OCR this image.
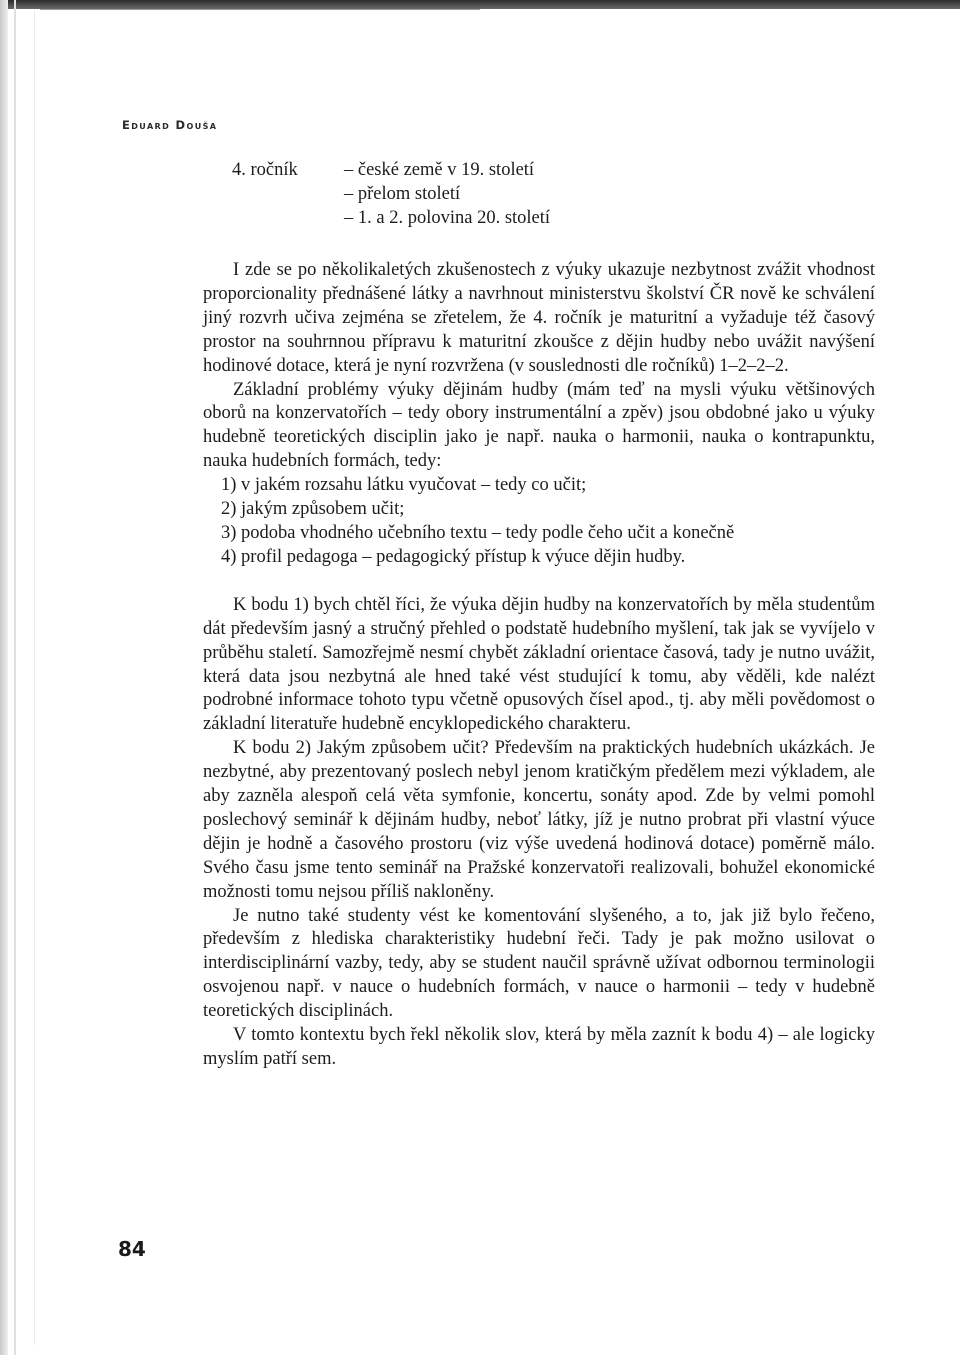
Eduard Douša
4. ročník	– české země v 19. století
– přelom století
– 1. a 2. polovina 20. století

I zde se po několikaletých zkušenostech z výuky ukazuje nezbytnost zvážit vhodnost proporcionality přednášené látky a navrhnout ministerstvu školství ČR nově ke schválení jiný rozvrh učiva zejména se zřetelem, že 4. ročník je maturitní a vyžaduje též časový prostor na souhrnnou přípravu k maturitní zkoušce z dějin hudby nebo uvážit navýšení hodinové dotace, která je nyní rozvržena (v souslednosti dle ročníků) 1–2–2–2.

Základní problémy výuky dějinám hudby (mám teď na mysli výuku většinových oborů na konzervatořích – tedy obory instrumentální a zpěv) jsou obdobné jako u výuky hudebně teoretických disciplin jako je např. nauka o harmonii, nauka o kontrapunktu, nauka hudebních formách, tedy:

1) v jakém rozsahu látku vyučovat – tedy co učit;
2) jakým způsobem učit;
3) podoba vhodného učebního textu – tedy podle čeho učit a konečně
4) profil pedagoga – pedagogický přístup k výuce dějin hudby.

K bodu 1) bych chtěl říci, že výuka dějin hudby na konzervatořích by měla studentům dát především jasný a stručný přehled o podstatě hudebního myšlení, tak jak se vyvíjelo v průběhu staletí. Samozřejmě nesmí chybět základní orientace časová, tady je nutno uvážit, která data jsou nezbytná ale hned také vést studující k tomu, aby věděli, kde nalézt podrobné informace tohoto typu včetně opusových čísel apod., tj. aby měli povědomost o základní literatuře hudebně encyklopedického charakteru.

K bodu 2) Jakým způsobem učit? Především na praktických hudebních ukázkách. Je nezbytné, aby prezentovaný poslech nebyl jenom kratičkým předělem mezi výkladem, ale aby zazněla alespoň celá věta symfonie, koncertu, sonáty apod. Zde by velmi pomohl poslechový seminář k dějinám hudby, neboť látky, jíž je nutno probrat při vlastní výuce dějin je hodně a časového prostoru (viz výše uvedená hodinová dotace) poměrně málo. Svého času jsme tento seminář na Pražské konzervatoři realizovali, bohužel ekonomické možnosti tomu nejsou příliš nakloněny.

Je nutno také studenty vést ke komentování slyšeného, a to, jak již bylo řečeno, především z hlediska charakteristiky hudební řeči. Tady je pak možno usilovat o interdisciplinární vazby, tedy, aby se student naučil správně užívat odbornou terminologii osvojenou např. v nauce o hudebních formách, v nauce o harmonii – tedy v hudebně teoretických disciplinách.

V tomto kontextu bych řekl několik slov, která by měla zaznít k bodu 4) – ale logicky myslím patří sem.

84
